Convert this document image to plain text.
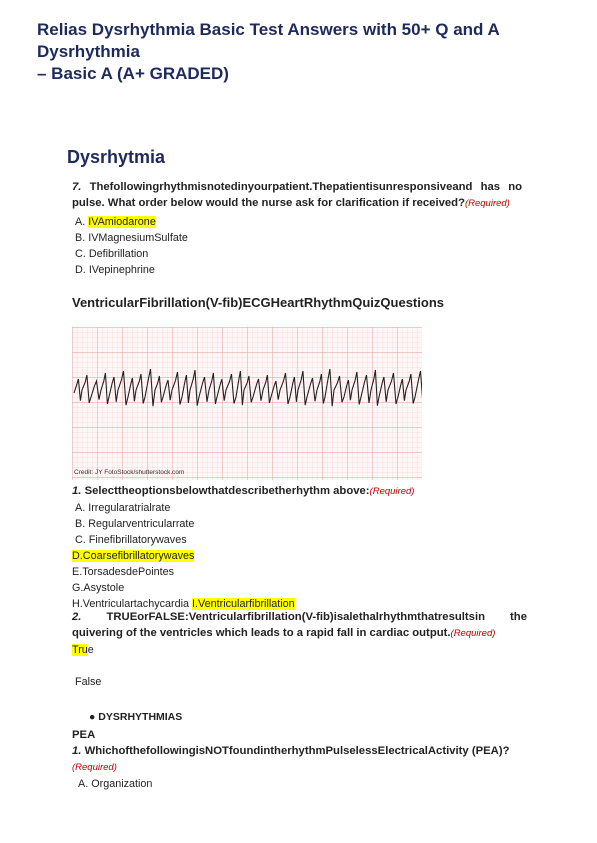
Relias Dysrhythmia Basic Test Answers with 50+ Q and A
Dysrhythmia
– Basic A (A+ GRADED)
Dysrhytmia
7. Thefollowingrhythmisnotedinyourpatient.Thepatientisunresponsiveand has no pulse. What order below would the nurse ask for clarification if received?(Required)
A. IVAmiodarone
B. IVMagnesiumSulfate
C. Defibrillation
D. IVepinephrine
VentricularFibrillation(V-fib)ECGHeartRhythmQuizQuestions
Credit: JY FotoStock/shutterstock.com
1. Selecttheoptionsbelowthatdescribetherhythm above:(Required)
A. Irregularatrialrate
B. Regularventricularrate
C. Finefibrillatorywaves
D.Coarsefibrillatorywaves
E.TorsadesdePointes
G.Asystole
H.Ventriculartachycardia I.Ventricularfibrillation
2. TRUEorFALSE:Ventricularfibrillation(V-fib)isalethalrhythmthatresultsin the quivering of the ventricles which leads to a rapid fall in cardiac output.(Required)
True
False
● DYSRHYTHMIAS
PEA
1. WhichofthefollowingisNOTfoundintherhythmPulselessElectricalActivity (PEA)?(Required)
A. Organization
